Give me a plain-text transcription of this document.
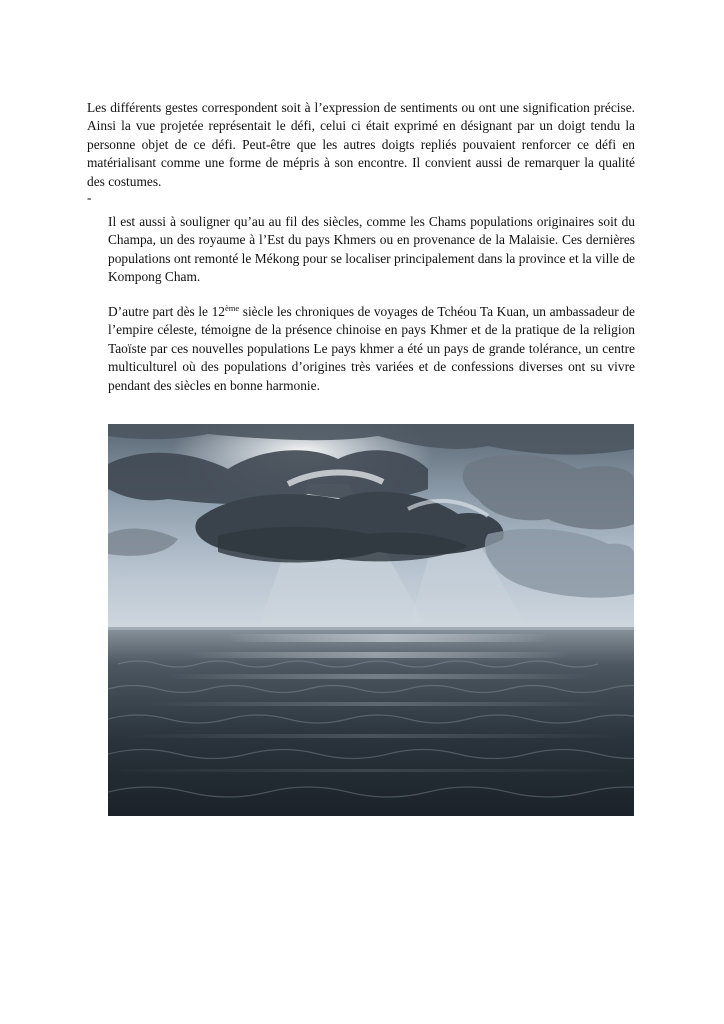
Les différents gestes correspondent soit à l’expression de sentiments ou ont une signification précise. Ainsi la vue projetée représentait le défi, celui ci était exprimé en désignant par un doigt tendu la personne objet de ce défi. Peut-être que les autres doigts repliés pouvaient renforcer ce défi en matérialisant comme une forme de mépris à son encontre. Il convient aussi de remarquer la qualité des costumes.

-

Il est aussi à souligner qu’au au fil des siècles, comme les Chams populations originaires soit du Champa, un des royaume à l’Est du pays Khmers ou en provenance de la Malaisie. Ces dernières populations ont remonté le Mékong pour se localiser principalement dans la province et la ville de Kompong Cham.

D’autre part dès le 12ème siècle les chroniques de voyages de Tchéou Ta Kuan, un ambassadeur de l’empire céleste, témoigne de la présence chinoise en pays Khmer et de la pratique de la religion Taoïste par ces nouvelles populations Le pays khmer a été un pays de grande tolérance, un centre multiculturel où des populations d’origines très variées et de confessions diverses ont su vivre pendant des siècles en bonne harmonie.
